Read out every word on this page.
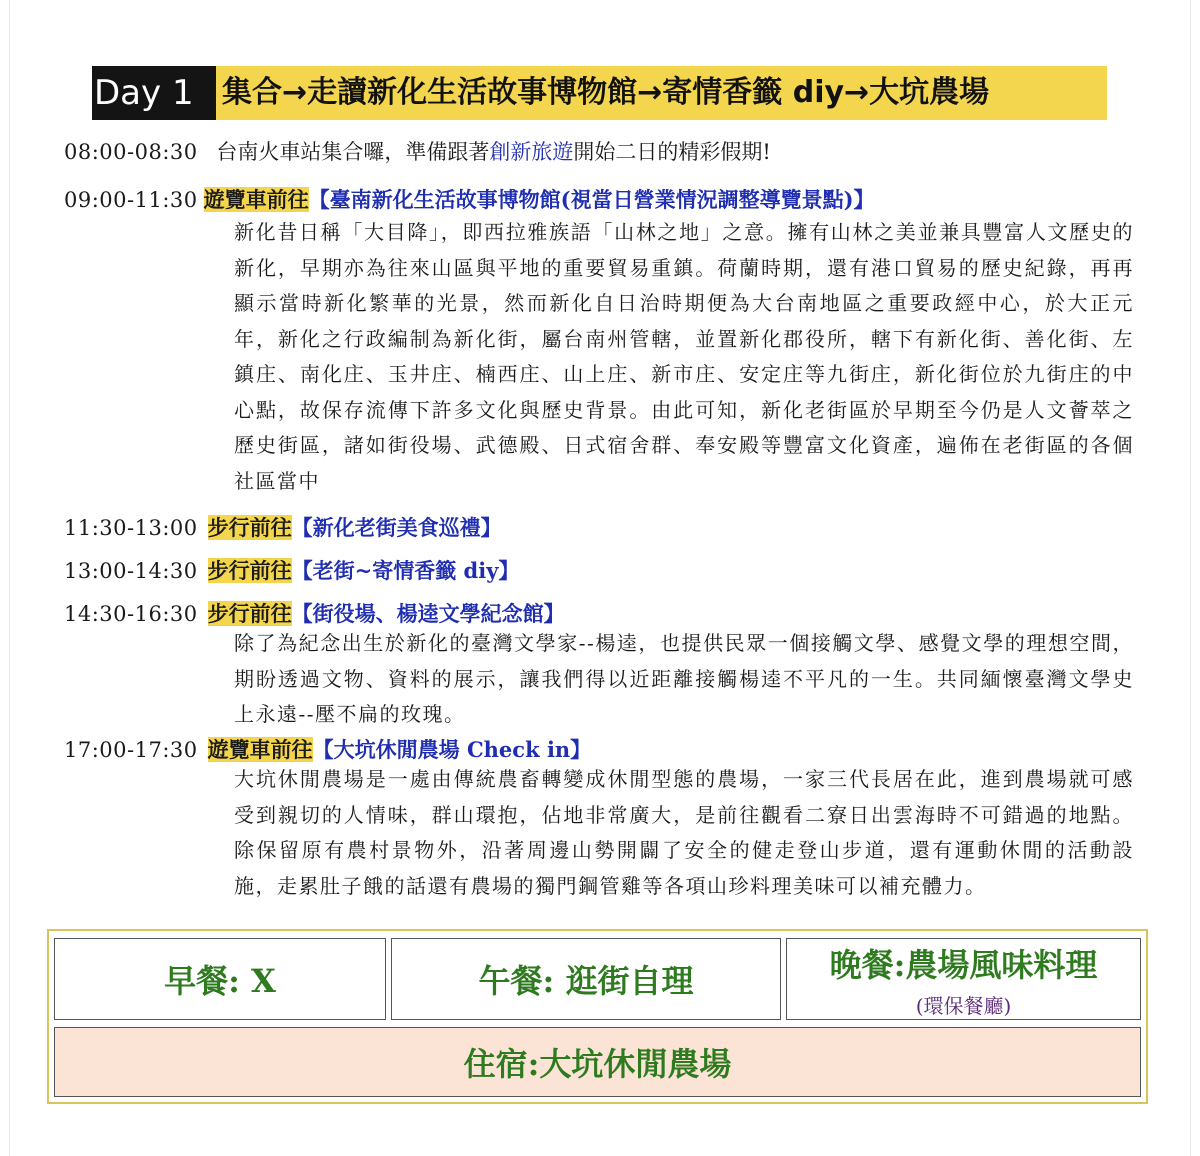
Day 1 集合→走讀新化生活故事博物館→寄情香籤 diy→大坑農場
08:00-08:30 台南火車站集合囉，準備跟著創新旅遊開始二日的精彩假期!
09:00-11:30 遊覽車前往【臺南新化生活故事博物館(視當日營業情況調整導覽景點)】
新化昔日稱「大目降」，即西拉雅族語「山林之地」之意。擁有山林之美並兼具豐富人文歷史的新化，早期亦為往來山區與平地的重要貿易重鎮。荷蘭時期，還有港口貿易的歷史紀錄，再再顯示當時新化繁華的光景，然而新化自日治時期便為大台南地區之重要政經中心，於大正元年，新化之行政編制為新化街，屬台南州管轄，並置新化郡役所，轄下有新化街、善化街、左鎮庄、南化庄、玉井庄、楠西庄、山上庄、新市庄、安定庄等九街庄，新化街位於九街庄的中心點，故保存流傳下許多文化與歷史背景。由此可知，新化老街區於早期至今仍是人文薈萃之歷史街區，諸如街役場、武德殿、日式宿舍群、奉安殿等豐富文化資產，遍佈在老街區的各個社區當中
11:30-13:00 步行前往【新化老街美食巡禮】
13:00-14:30 步行前往【老街~寄情香籤 diy】
14:30-16:30 步行前往【街役場、楊逵文學紀念館】
除了為紀念出生於新化的臺灣文學家--楊逵，也提供民眾一個接觸文學、感覺文學的理想空間，期盼透過文物、資料的展示，讓我們得以近距離接觸楊逵不平凡的一生。共同緬懷臺灣文學史上永遠--壓不扁的玫瑰。
17:00-17:30 遊覽車前往【大坑休閒農場 Check in】
大坑休閒農場是一處由傳統農畜轉變成休閒型態的農場，一家三代長居在此，進到農場就可感受到親切的人情味，群山環抱，佔地非常廣大，是前往觀看二寮日出雲海時不可錯過的地點。除保留原有農村景物外，沿著周邊山勢開闢了安全的健走登山步道，還有運動休閒的活動設施，走累肚子餓的話還有農場的獨門鋼管雞等各項山珍料理美味可以補充體力。
早餐: X	午餐: 逛街自理	晚餐:農場風味料理
(環保餐廳)
住宿:大坑休閒農場
